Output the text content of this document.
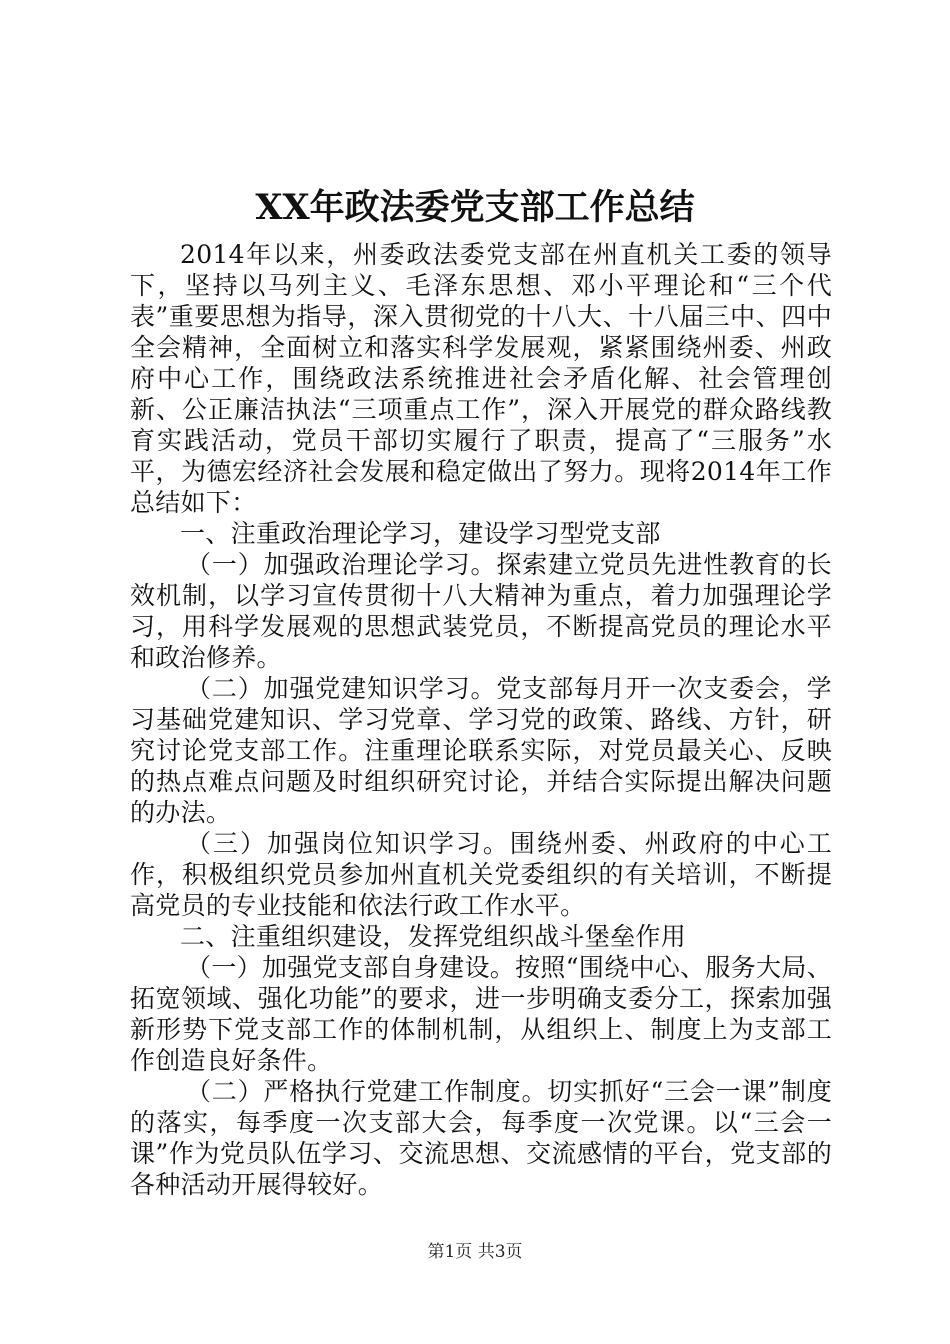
XX年政法委党支部工作总结

2014年以来，州委政法委党支部在州直机关工委的领导下，坚持以马列主义、毛泽东思想、邓小平理论和“三个代表”重要思想为指导，深入贯彻党的十八大、十八届三中、四中全会精神，全面树立和落实科学发展观，紧紧围绕州委、州政府中心工作，围绕政法系统推进社会矛盾化解、社会管理创新、公正廉洁执法“三项重点工作”，深入开展党的群众路线教育实践活动，党员干部切实履行了职责，提高了“三服务”水平，为德宏经济社会发展和稳定做出了努力。现将2014年工作总结如下：

一、注重政治理论学习，建设学习型党支部

（一）加强政治理论学习。探索建立党员先进性教育的长效机制，以学习宣传贯彻十八大精神为重点，着力加强理论学习，用科学发展观的思想武装党员，不断提高党员的理论水平和政治修养。

（二）加强党建知识学习。党支部每月开一次支委会，学习基础党建知识、学习党章、学习党的政策、路线、方针，研究讨论党支部工作。注重理论联系实际，对党员最关心、反映的热点难点问题及时组织研究讨论，并结合实际提出解决问题的办法。

（三）加强岗位知识学习。围绕州委、州政府的中心工作，积极组织党员参加州直机关党委组织的有关培训，不断提高党员的专业技能和依法行政工作水平。

二、注重组织建设，发挥党组织战斗堡垒作用

（一）加强党支部自身建设。按照“围绕中心、服务大局、拓宽领域、强化功能”的要求，进一步明确支委分工，探索加强新形势下党支部工作的体制机制，从组织上、制度上为支部工作创造良好条件。

（二）严格执行党建工作制度。切实抓好“三会一课”制度的落实，每季度一次支部大会，每季度一次党课。以“三会一课”作为党员队伍学习、交流思想、交流感情的平台，党支部的各种活动开展得较好。

第1页 共3页
